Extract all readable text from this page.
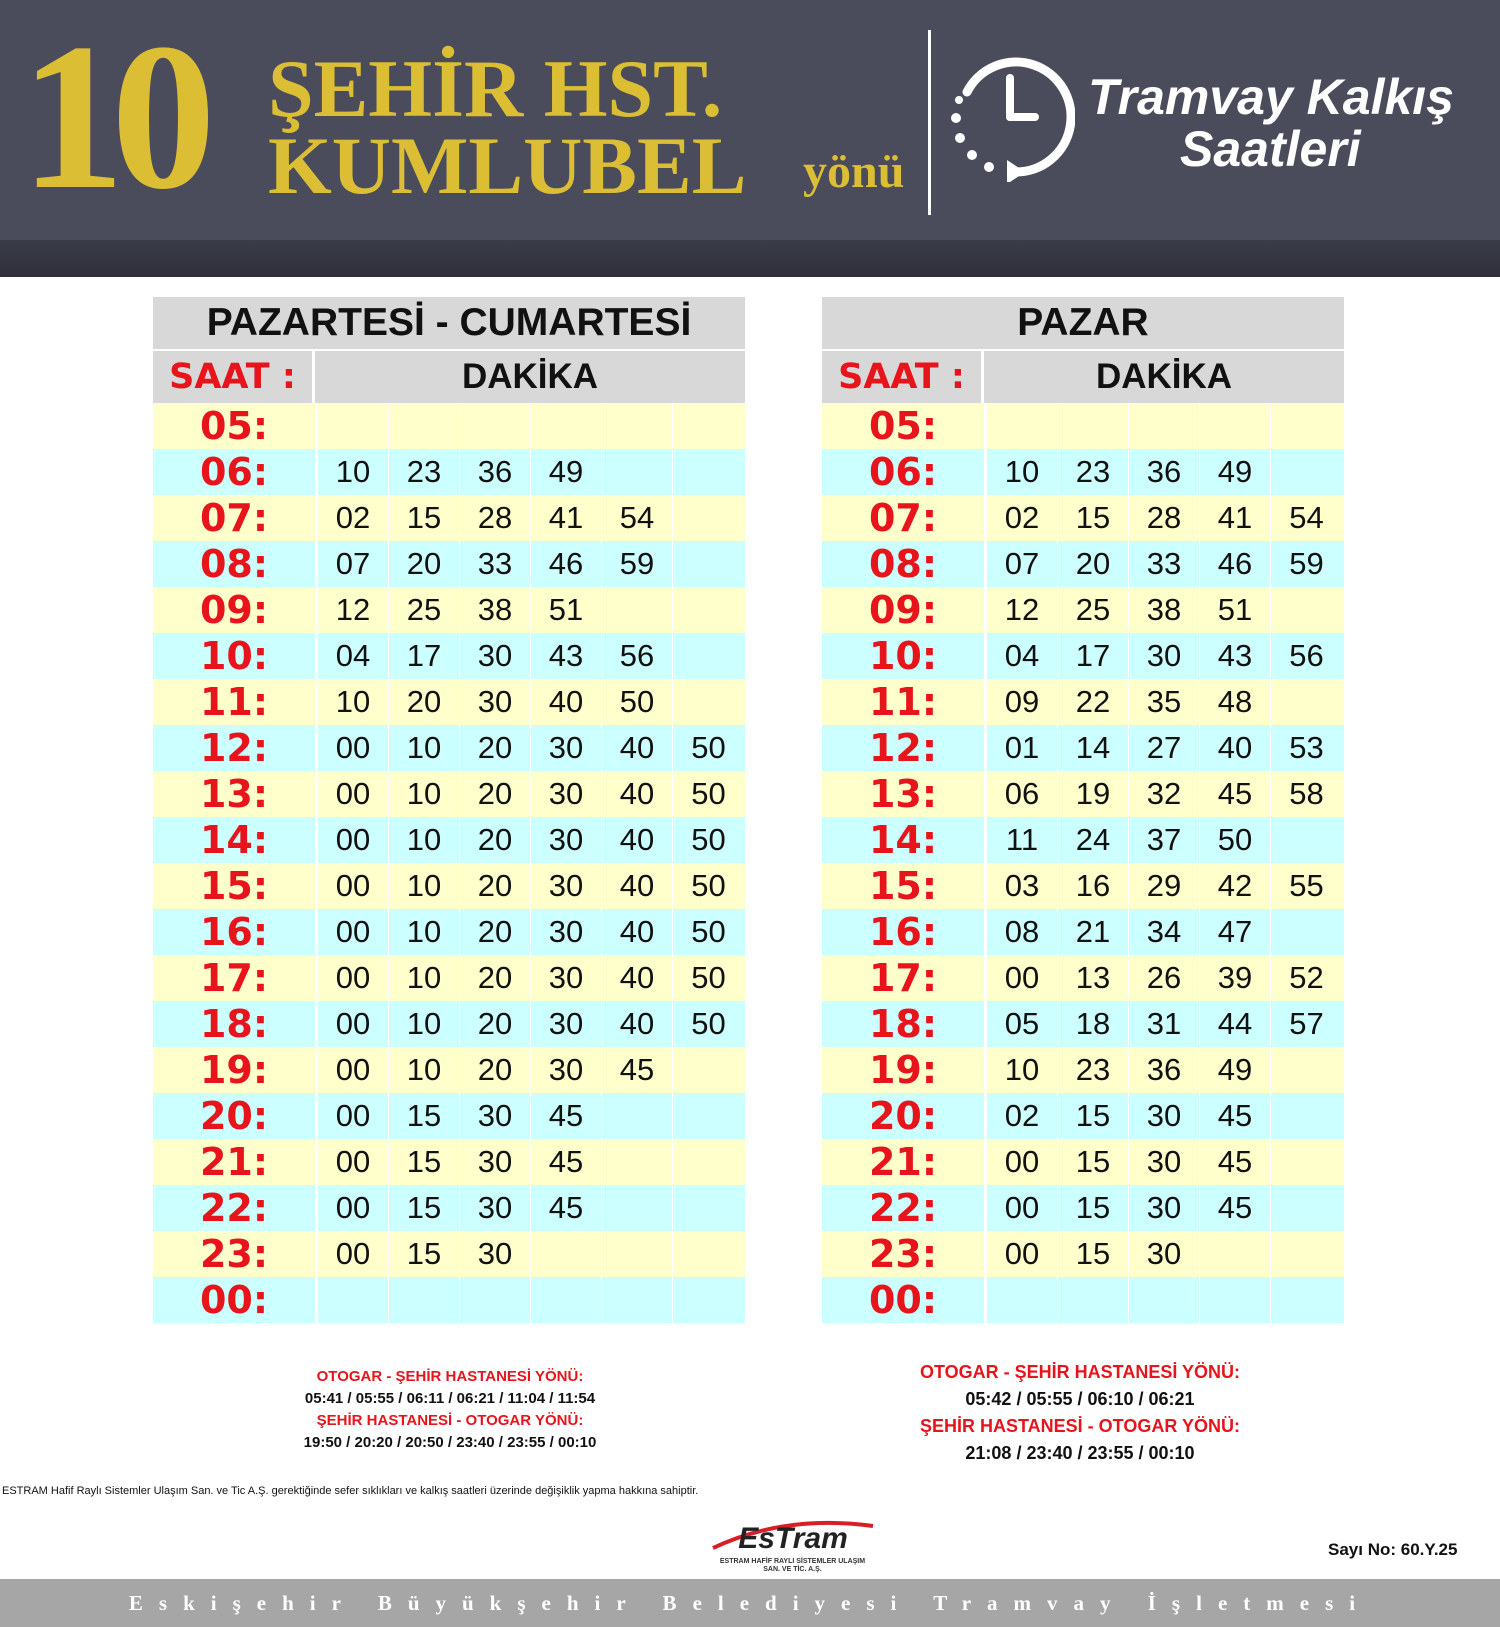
10 ŞEHİR HST.
KUMLUBEL yönü
Tramvay Kalkış
Saatleri
PAZARTESİ - CUMARTESİ
SAAT :	DAKİKA
05:
06:	10	23	36	49
07:	02	15	28	41	54
08:	07	20	33	46	59
09:	12	25	38	51
10:	04	17	30	43	56
11:	10	20	30	40	50
12:	00	10	20	30	40	50
13:	00	10	20	30	40	50
14:	00	10	20	30	40	50
15:	00	10	20	30	40	50
16:	00	10	20	30	40	50
17:	00	10	20	30	40	50
18:	00	10	20	30	40	50
19:	00	10	20	30	45
20:	00	15	30	45
21:	00	15	30	45
22:	00	15	30	45
23:	00	15	30
00:
PAZAR
SAAT :	DAKİKA
05:
06:	10	23	36	49
07:	02	15	28	41	54
08:	07	20	33	46	59
09:	12	25	38	51
10:	04	17	30	43	56
11:	09	22	35	48
12:	01	14	27	40	53
13:	06	19	32	45	58
14:	11	24	37	50
15:	03	16	29	42	55
16:	08	21	34	47
17:	00	13	26	39	52
18:	05	18	31	44	57
19:	10	23	36	49
20:	02	15	30	45
21:	00	15	30	45
22:	00	15	30	45
23:	00	15	30
00:
OTOGAR - ŞEHİR HASTANESİ YÖNÜ:
05:41 / 05:55 / 06:11 / 06:21 / 11:04 / 11:54
ŞEHİR HASTANESİ - OTOGAR YÖNÜ:
19:50 / 20:20 / 20:50 / 23:40 / 23:55 / 00:10
OTOGAR - ŞEHİR HASTANESİ YÖNÜ:
05:42 / 05:55 / 06:10 / 06:21
ŞEHİR HASTANESİ - OTOGAR YÖNÜ:
21:08 / 23:40 / 23:55 / 00:10
ESTRAM Hafif Raylı Sistemler Ulaşım San. ve Tic A.Ş. gerektiğinde sefer sıklıkları ve kalkış saatleri üzerinde değişiklik yapma hakkına sahiptir.
EsTram
ESTRAM HAFİF RAYLI SİSTEMLER ULAŞIM
SAN. VE TİC. A.Ş.
Sayı No: 60.Y.25
Eskişehir Büyükşehir Belediyesi Tramvay İşletmesi
